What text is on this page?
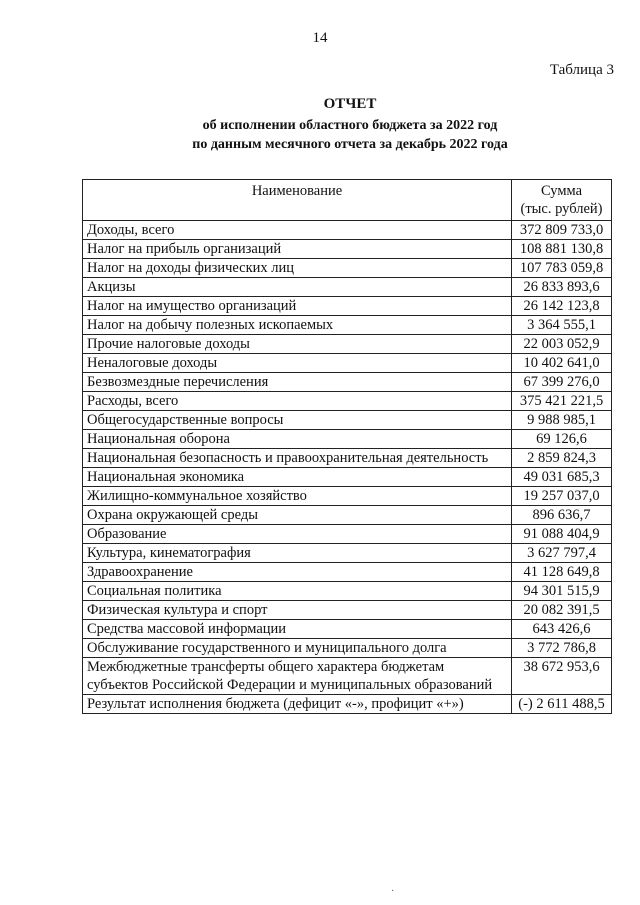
14
Таблица 3
ОТЧЕТ
об исполнении областного бюджета за 2022 год
по данным месячного отчета за декабрь 2022 года
Наименование	Сумма
(тыс. рублей)

Доходы, всего	372 809 733,0
Налог на прибыль организаций	108 881 130,8
Налог на доходы физических лиц	107 783 059,8
Акцизы	26 833 893,6
Налог на имущество организаций	26 142 123,8
Налог на добычу полезных ископаемых	3 364 555,1
Прочие налоговые доходы	22 003 052,9
Неналоговые доходы	10 402 641,0
Безвозмездные перечисления	67 399 276,0
Расходы, всего	375 421 221,5
Общегосударственные вопросы	9 988 985,1
Национальная оборона	69 126,6
Национальная безопасность и правоохранительная деятельность	2 859 824,3
Национальная экономика	49 031 685,3
Жилищно-коммунальное хозяйство	19 257 037,0
Охрана окружающей среды	896 636,7
Образование	91 088 404,9
Культура, кинематография	3 627 797,4
Здравоохранение	41 128 649,8
Социальная политика	94 301 515,9
Физическая культура и спорт	20 082 391,5
Средства массовой информации	643 426,6
Обслуживание государственного и муниципального долга	3 772 786,8
Межбюджетные трансферты общего характера бюджетам субъектов Российской Федерации и муниципальных образований	38 672 953,6
Результат исполнения бюджета (дефицит «-», профицит «+»)	(-) 2 611 488,5
·
